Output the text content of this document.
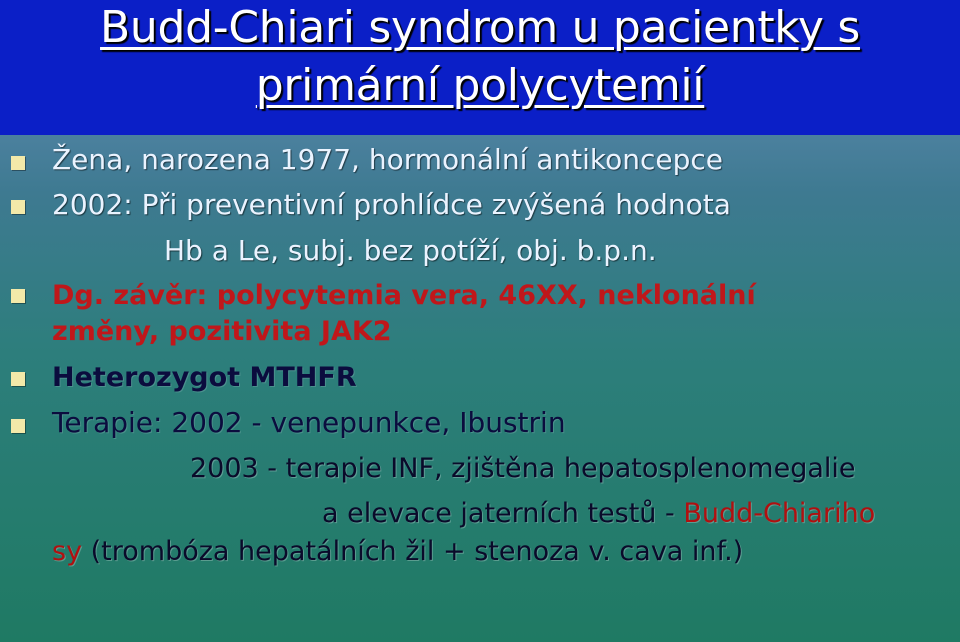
Budd-Chiari syndrom u pacientky s
primární polycytemií
Žena, narozena 1977, hormonální antikoncepce
2002: Při preventivní prohlídce zvýšená hodnota
Hb a Le, subj. bez potíží, obj. b.p.n.
Dg. závěr: polycytemia vera, 46XX, neklonální
změny, pozitivita JAK2
Heterozygot MTHFR
Terapie: 2002 - venepunkce, Ibustrin
2003 - terapie INF, zjištěna hepatosplenomegalie
a elevace jaterních testů - Budd-Chiariho
sy (trombóza hepatálních žil + stenoza v. cava inf.)
